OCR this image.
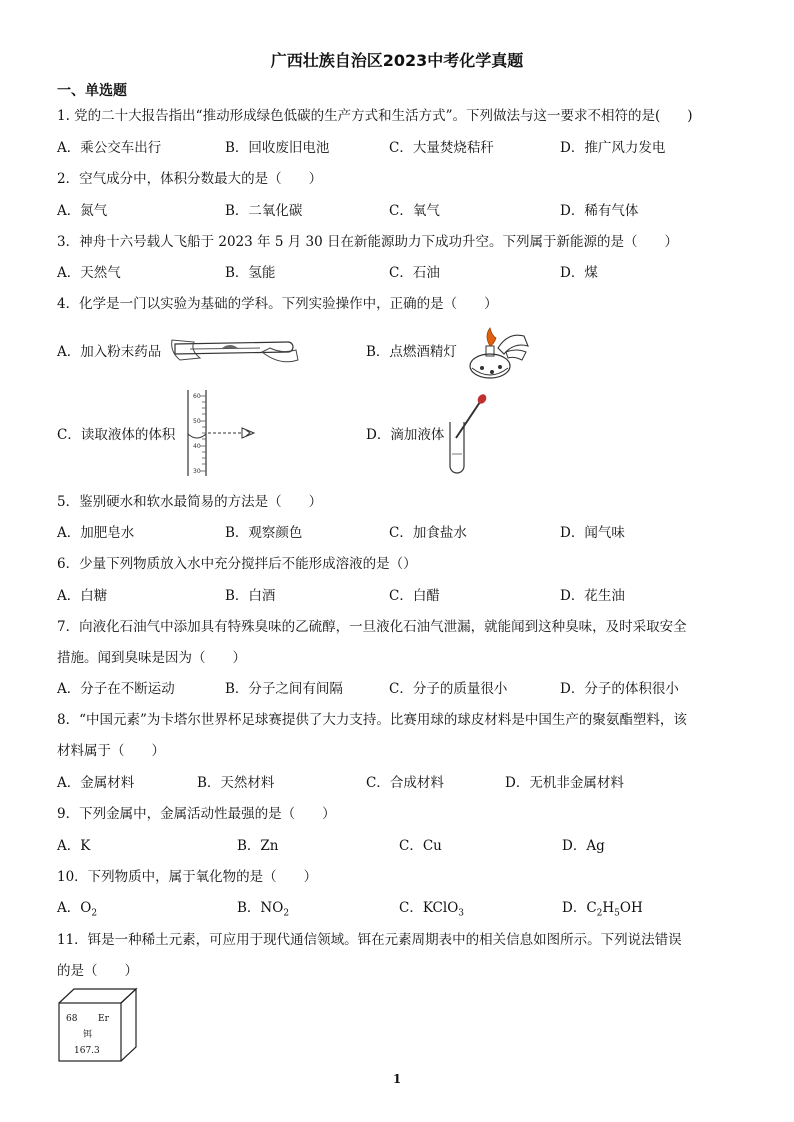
广西壮族自治区2023中考化学真题
一、单选题
1. 党的二十大报告指出“推动形成绿色低碳的生产方式和生活方式”。下列做法与这一要求不相符的是(　　)
A．乘公交车出行	B．回收废旧电池	C．大量焚烧秸秆	D．推广风力发电
2．空气成分中，体积分数最大的是（　　）
A．氮气	B．二氧化碳	C．氧气	D．稀有气体
3．神舟十六号载人飞船于 2023 年 5 月 30 日在新能源助力下成功升空。下列属于新能源的是（　　）
A．天然气	B．氢能	C．石油	D．煤
4．化学是一门以实验为基础的学科。下列实验操作中，正确的是（　　）
A．加入粉末药品	B．点燃酒精灯
C．读取液体的体积
60
50
40
30
D．滴加液体
5．鉴别硬水和软水最简易的方法是（　　）
A．加肥皂水	B．观察颜色	C．加食盐水	D．闻气味
6．少量下列物质放入水中充分搅拌后不能形成溶液的是（）
A．白糖	B．白酒	C．白醋	D．花生油
7．向液化石油气中添加具有特殊臭味的乙硫醇，一旦液化石油气泄漏，就能闻到这种臭味，及时采取安全
措施。闻到臭味是因为（　　）
A．分子在不断运动	B．分子之间有间隔	C．分子的质量很小	D．分子的体积很小
8．“中国元素”为卡塔尔世界杯足球赛提供了大力支持。比赛用球的球皮材料是中国生产的聚氨酯塑料，该
材料属于（　　）
A．金属材料	B．天然材料	C．合成材料	D．无机非金属材料
9．下列金属中，金属活动性最强的是（　　）
A．K	B．Zn	C．Cu	D．Ag
10．下列物质中，属于氧化物的是（　　）
A．$O_2$	B．$NO_2$	C．KClO$_3$	D．$C_2H_5OH$
11．铒是一种稀土元素，可应用于现代通信领域。铒在元素周期表中的相关信息如图所示。下列说法错误
的是（　　）
68 Er
铒
167.3
1
